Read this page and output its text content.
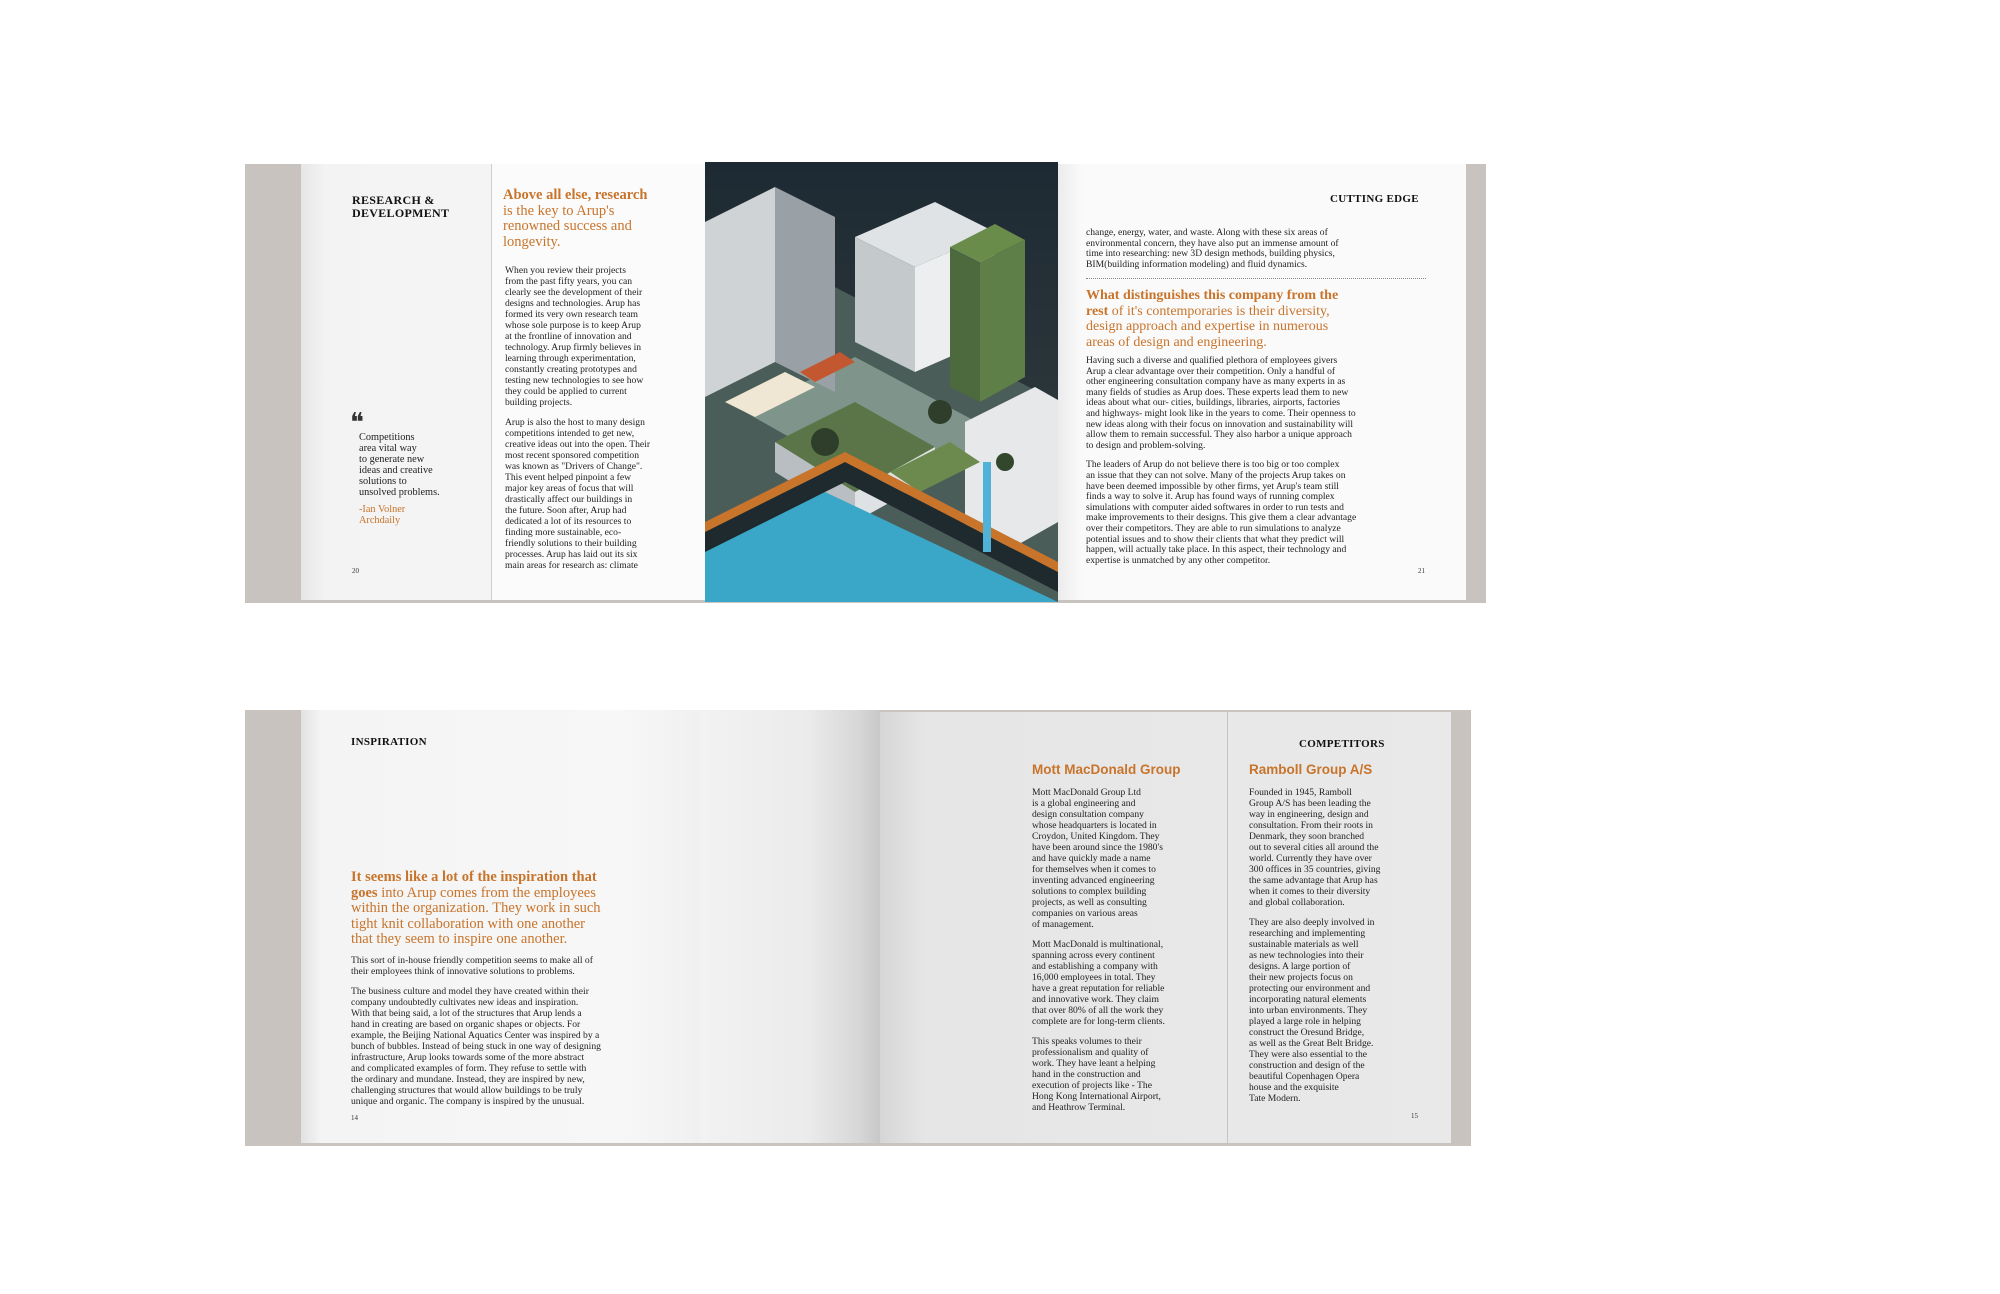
RESEARCH &
DEVELOPMENT
❝
Competitions
area vital way
to generate new
ideas and creative
solutions to
unsolved problems.
-Ian Volner
Archdaily
20
Above all else, research
is the key to Arup's
renowned success and
longevity.

When you review their projects
from the past fifty years, you can
clearly see the development of their
designs and technologies. Arup has
formed its very own research team
whose sole purpose is to keep Arup
at the frontline of innovation and
technology. Arup firmly believes in
learning through experimentation,
constantly creating prototypes and
testing new technologies to see how
they could be applied to current
building projects.

Arup is also the host to many design
competitions intended to get new,
creative ideas out into the open. Their
most recent sponsored competition
was known as "Drivers of Change".
This event helped pinpoint a few
major key areas of focus that will
drastically affect our buildings in
the future. Soon after, Arup had
dedicated a lot of its resources to
finding more sustainable, eco-
friendly solutions to their building
processes. Arup has laid out its six
main areas for research as: climate

CUTTING EDGE

change, energy, water, and waste. Along with these six areas of
environmental concern, they have also put an immense amount of
time into researching: new 3D design methods, building physics,
BIM(building information modeling) and fluid dynamics.

What distinguishes this company from the
rest of it's contemporaries is their diversity,
design approach and expertise in numerous
areas of design and engineering.

Having such a diverse and qualified plethora of employees givers
Arup a clear advantage over their competition. Only a handful of
other engineering consultation company have as many experts in as
many fields of studies as Arup does. These experts lead them to new
ideas about what our- cities, buildings, libraries, airports, factories
and highways- might look like in the years to come. Their openness to
new ideas along with their focus on innovation and sustainability will
allow them to remain successful. They also harbor a unique approach
to design and problem-solving.

The leaders of Arup do not believe there is too big or too complex
an issue that they can not solve. Many of the projects Arup takes on
have been deemed impossible by other firms, yet Arup's team still
finds a way to solve it. Arup has found ways of running complex
simulations with computer aided softwares in order to run tests and
make improvements to their designs. This give them a clear advantage
over their competitors. They are able to run simulations to analyze
potential issues and to show their clients that what they predict will
happen, will actually take place. In this aspect, their technology and
expertise is unmatched by any other competitor.

21
INSPIRATION
It seems like a lot of the inspiration that
goes into Arup comes from the employees
within the organization. They work in such
tight knit collaboration with one another
that they seem to inspire one another.

This sort of in-house friendly competition seems to make all of
their employees think of innovative solutions to problems.

The business culture and model they have created within their
company undoubtedly cultivates new ideas and inspiration.
With that being said, a lot of the structures that Arup lends a
hand in creating are based on organic shapes or objects. For
example, the Beijing National Aquatics Center was inspired by a
bunch of bubbles. Instead of being stuck in one way of designing
infrastructure, Arup looks towards some of the more abstract
and complicated examples of form. They refuse to settle with
the ordinary and mundane. Instead, they are inspired by new,
challenging structures that would allow buildings to be truly
unique and organic. The company is inspired by the unusual.

14
COMPETITORS
Mott MacDonald Group

Mott MacDonald Group Ltd
is a global engineering and
design consultation company
whose headquarters is located in
Croydon, United Kingdom. They
have been around since the 1980's
and have quickly made a name
for themselves when it comes to
inventing advanced engineering
solutions to complex building
projects, as well as consulting
companies on various areas
of management.

Mott MacDonald is multinational,
spanning across every continent
and establishing a company with
16,000 employees in total. They
have a great reputation for reliable
and innovative work. They claim
that over 80% of all the work they
complete are for long-term clients.

This speaks volumes to their
professionalism and quality of
work. They have leant a helping
hand in the construction and
execution of projects like - The
Hong Kong International Airport,
and Heathrow Terminal.

Ramboll Group A/S

Founded in 1945, Ramboll
Group A/S has been leading the
way in engineering, design and
consultation. From their roots in
Denmark, they soon branched
out to several cities all around the
world. Currently they have over
300 offices in 35 countries, giving
the same advantage that Arup has
when it comes to their diversity
and global collaboration.

They are also deeply involved in
researching and implementing
sustainable materials as well
as new technologies into their
designs. A large portion of
their new projects focus on
protecting our environment and
incorporating natural elements
into urban environments. They
played a large role in helping
construct the Oresund Bridge,
as well as the Great Belt Bridge.
They were also essential to the
construction and design of the
beautiful Copenhagen Opera
house and the exquisite
Tate Modern.

15
